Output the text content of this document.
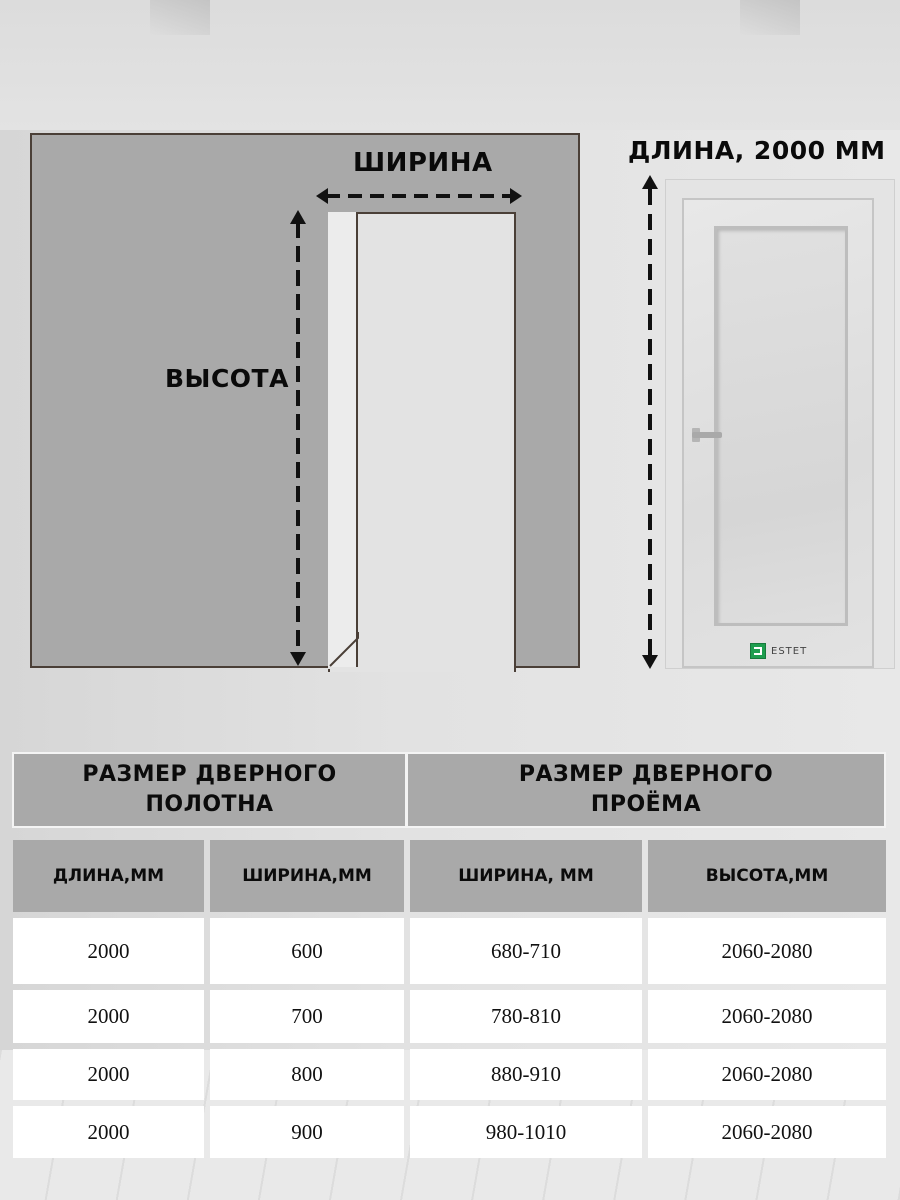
ШИРИНА
ВЫСОТА
ДЛИНА, 2000 ММ
ESTET
РАЗМЕР ДВЕРНОГО
ПОЛОТНА
РАЗМЕР ДВЕРНОГО
ПРОЁМА
ДЛИНА,ММ	ШИРИНА,ММ	ШИРИНА, ММ	ВЫСОТА,ММ
2000	600	680-710	2060-2080
2000	700	780-810	2060-2080
2000	800	880-910	2060-2080
2000	900	980-1010	2060-2080
